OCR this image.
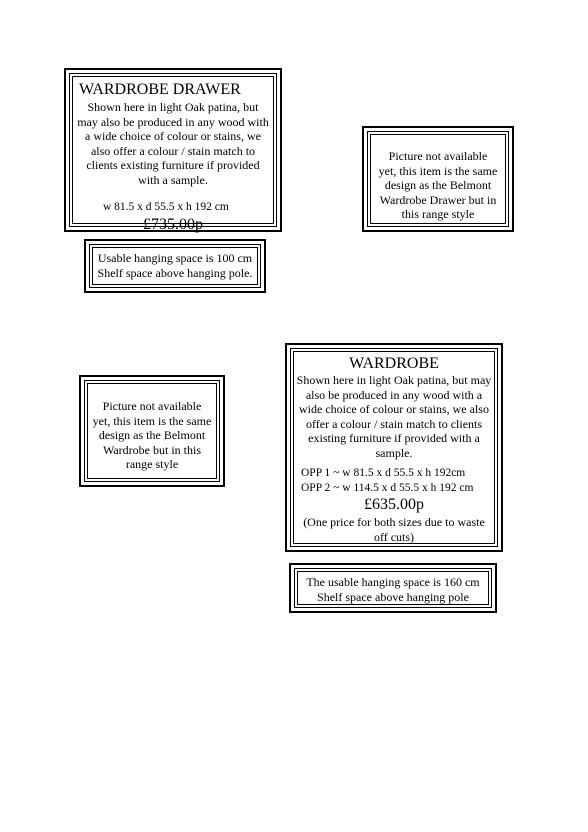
WARDROBE DRAWER
Shown here in light Oak patina, but
may also be produced in any wood with
a wide choice of colour or stains, we
also offer a colour / stain match to
clients existing furniture if provided
with a sample.
w 81.5 x d 55.5 x h 192 cm
£735.00p
Usable hanging space is 100 cm
Shelf space above hanging pole.
Picture not available
yet, this item is the same
design as the Belmont
Wardrobe Drawer but in
this range style
Picture not available
yet, this item is the same
design as the Belmont
Wardrobe but in this
range style
WARDROBE
Shown here in light Oak patina, but may
also be produced in any wood with a
wide choice of colour or stains, we also
offer a colour / stain match to clients
existing furniture if provided with a
sample.
OPP 1 ~ w 81.5 x d 55.5 x h 192cm
OPP 2 ~ w 114.5 x d 55.5 x h 192 cm
£635.00p
(One price for both sizes due to waste
off cuts)
The usable hanging space is 160 cm
Shelf space above hanging pole
